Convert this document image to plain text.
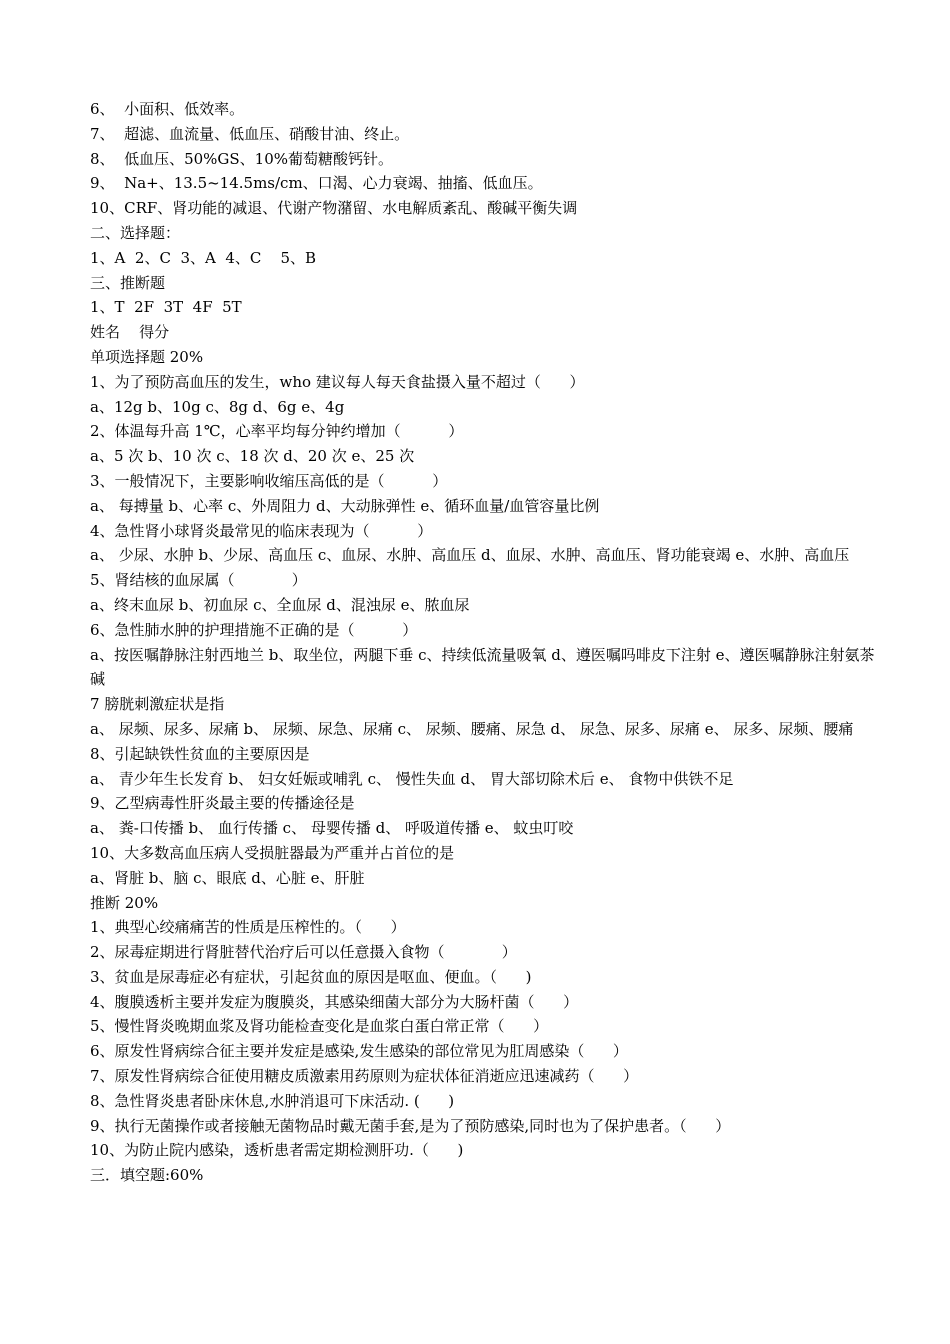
6、  小面积、低效率。

7、  超滤、血流量、低血压、硝酸甘油、终止。

8、  低血压、50%GS、10%葡萄糖酸钙针。

9、  Na+、13.5~14.5ms/cm、口渴、心力衰竭、抽搐、低血压。

10、CRF、肾功能的减退、代谢产物潴留、水电解质紊乱、酸碱平衡失调

二、选择题：

1、A  2、C  3、A  4、C    5、B

三、推断题

1、T  2F  3T  4F  5T

姓名    得分

单项选择题 20%

1、为了预防高血压的发生，who 建议每人每天食盐摄入量不超过（      ）

a、12g b、10g c、8g d、6g e、4g

2、体温每升高 1℃，心率平均每分钟约增加（          ）

a、5 次 b、10 次 c、18 次 d、20 次 e、25 次

3、一般情况下，主要影响收缩压高低的是（          ）

a、 每搏量 b、心率 c、外周阻力 d、大动脉弹性 e、循环血量/血管容量比例

4、急性肾小球肾炎最常见的临床表现为（          ）

a、 少尿、水肿 b、少尿、高血压 c、血尿、水肿、高血压 d、血尿、水肿、高血压、肾功能衰竭 e、水肿、高血压

5、肾结核的血尿属（            ）

a、终末血尿 b、初血尿 c、全血尿 d、混浊尿 e、脓血尿

6、急性肺水肿的护理措施不正确的是（          ）

a、按医嘱静脉注射西地兰 b、取坐位，两腿下垂 c、持续低流量吸氧 d、遵医嘱吗啡皮下注射 e、遵医嘱静脉注射氨茶碱

7 膀胱刺激症状是指

a、 尿频、尿多、尿痛 b、 尿频、尿急、尿痛 c、 尿频、腰痛、尿急 d、 尿急、尿多、尿痛 e、 尿多、尿频、腰痛

8、引起缺铁性贫血的主要原因是

a、 青少年生长发育 b、 妇女妊娠或哺乳 c、 慢性失血 d、 胃大部切除术后 e、 食物中供铁不足

9、乙型病毒性肝炎最主要的传播途径是

a、 粪-口传播 b、 血行传播 c、 母婴传播 d、 呼吸道传播 e、 蚊虫叮咬

10、大多数高血压病人受损脏器最为严重并占首位的是

a、肾脏 b、脑 c、眼底 d、心脏 e、肝脏

推断 20%

1、典型心绞痛痛苦的性质是压榨性的。（      ）

2、尿毒症期进行肾脏替代治疗后可以任意摄入食物（            ）

3、贫血是尿毒症必有症状，引起贫血的原因是呕血、便血。（      )

4、腹膜透析主要并发症为腹膜炎，其感染细菌大部分为大肠杆菌（      ）

5、慢性肾炎晚期血浆及肾功能检查变化是血浆白蛋白常正常（      ）

6、原发性肾病综合征主要并发症是感染,发生感染的部位常见为肛周感染（      ）

7、原发性肾病综合征使用糖皮质激素用药原则为症状体征消逝应迅速减药（      ）

8、急性肾炎患者卧床休息,水肿消退可下床活动. (      )

9、执行无菌操作或者接触无菌物品时戴无菌手套,是为了预防感染,同时也为了保护患者。（      ）

10、为防止院内感染，透析患者需定期检测肝功.（      )

三．填空题:60%
